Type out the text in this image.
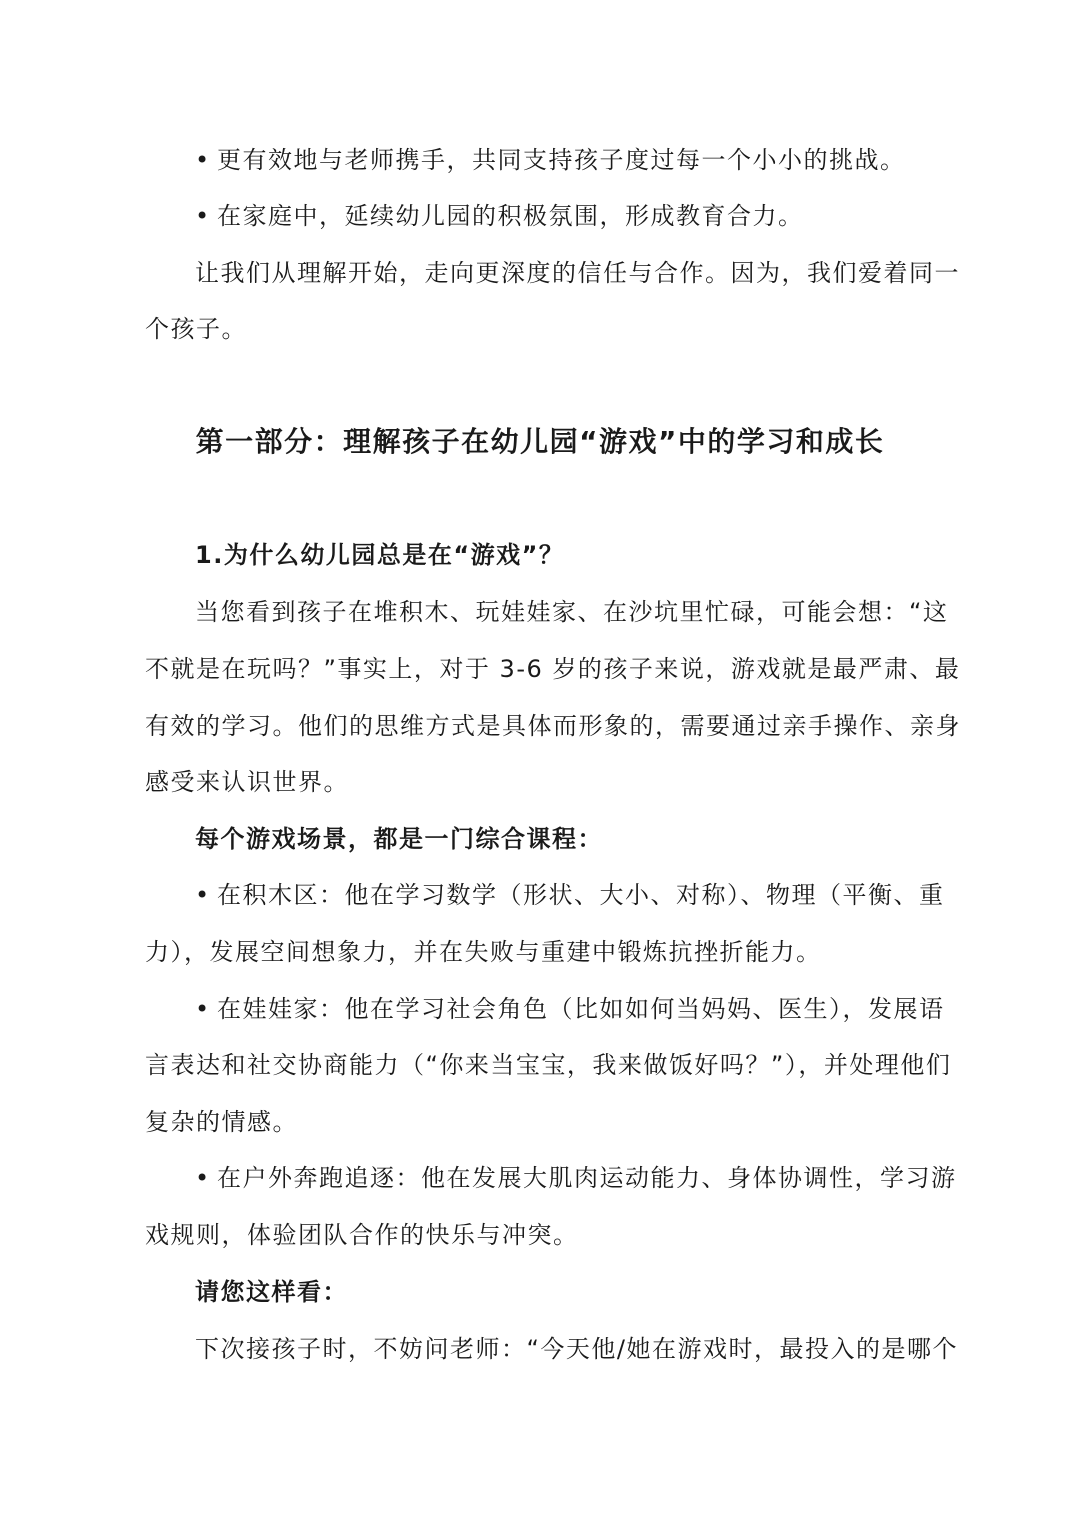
• 更有效地与老师携手，共同支持孩子度过每一个小小的挑战。
• 在家庭中，延续幼儿园的积极氛围，形成教育合力。
让我们从理解开始，走向更深度的信任与合作。因为，我们爱着同一
个孩子。
第一部分：理解孩子在幼儿园“游戏”中的学习和成长
1.为什么幼儿园总是在“游戏”？
当您看到孩子在堆积木、玩娃娃家、在沙坑里忙碌，可能会想：“这
不就是在玩吗？”事实上，对于 3-6 岁的孩子来说，游戏就是最严肃、最
有效的学习。他们的思维方式是具体而形象的，需要通过亲手操作、亲身
感受来认识世界。
每个游戏场景，都是一门综合课程：
• 在积木区：他在学习数学（形状、大小、对称）、物理（平衡、重
力），发展空间想象力，并在失败与重建中锻炼抗挫折能力。
• 在娃娃家：他在学习社会角色（比如如何当妈妈、医生），发展语
言表达和社交协商能力（“你来当宝宝，我来做饭好吗？”），并处理他们
复杂的情感。
• 在户外奔跑追逐：他在发展大肌肉运动能力、身体协调性，学习游
戏规则，体验团队合作的快乐与冲突。
请您这样看：
下次接孩子时，不妨问老师：“今天他/她在游戏时，最投入的是哪个
